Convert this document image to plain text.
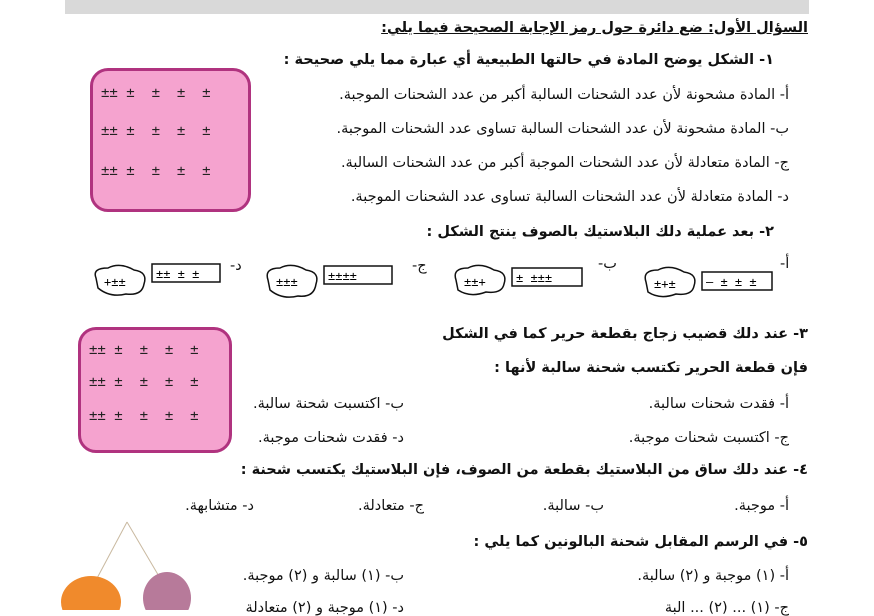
السؤال الأول: ضع دائرة حول رمز الإجابة الصحيحة فيما يلي:
١- الشكل يوضح المادة في حالتها الطبيعية أي عبارة مما يلي صحيحة :
أ- المادة مشحونة لأن عدد الشحنات السالبة أكبر من عدد الشحنات الموجبة.
ب- المادة مشحونة لأن عدد الشحنات السالبة تساوى عدد الشحنات الموجبة.
ج- المادة متعادلة لأن عدد الشحنات الموجبة أكبر من عدد الشحنات السالبة.
د- المادة متعادلة لأن عدد الشحنات السالبة تساوى عدد الشحنات الموجبة.
±± ±  ±  ±  ±
±± ±  ±  ±  ±
±± ±  ±  ±  ±
٢- بعد عملية دلك البلاستيك بالصوف ينتج الشكل :
أ-
— ± ± ±
±+±
ب-
± ±±±
±±+
ج-
±±±±
±±±
د-
±± ± ±
+±±
٣- عند دلك قضيب زجاج بقطعة حرير كما في الشكل
فإن قطعة الحرير تكتسب شحنة سالبة لأنها :
أ- فقدت شحنات سالبة.
ب- اكتسبت شحنة سالبة.
ج- اكتسبت شحنات موجبة.
د- فقدت شحنات موجبة.
±± ±  ±  ±  ±
±± ±  ±  ±  ±
±± ±  ±  ±  ±
٤- عند دلك ساق من البلاستيك بقطعة من الصوف، فإن البلاستيك يكتسب شحنة :
أ- موجبة.
ب- سالبة.
ج- متعادلة.
د- متشابهة.
٥- في الرسم المقابل شحنة البالونين كما يلي :
أ- (١) موجبة و (٢) سالبة.
ب- (١) سالبة و (٢) موجبة.
ج- (١) ... (٢) ... البة
د- (١) موجبة و (٢) متعادلة
